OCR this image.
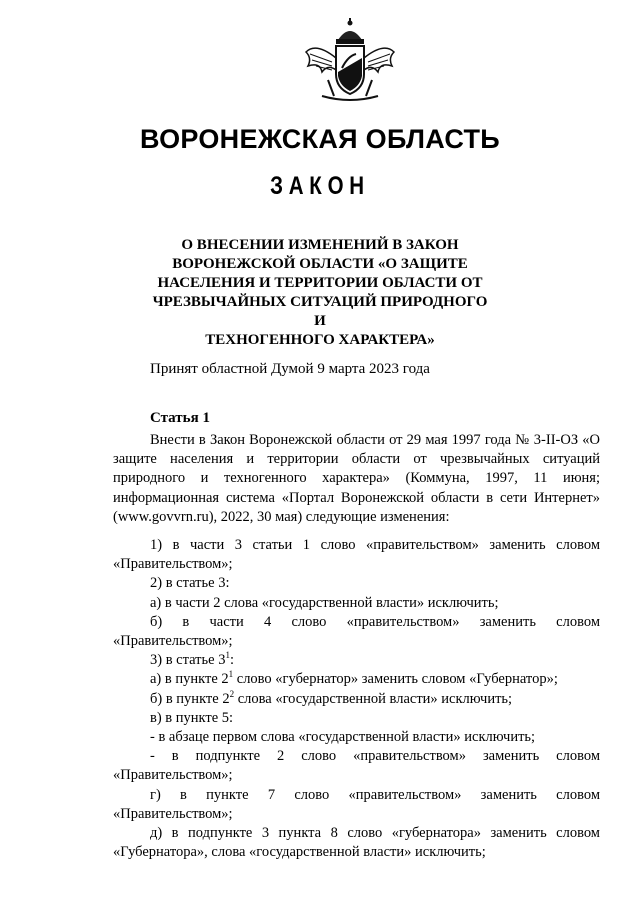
ВОРОНЕЖСКАЯ ОБЛАСТЬ
ЗАКОН
О ВНЕСЕНИИ ИЗМЕНЕНИЙ В ЗАКОН
ВОРОНЕЖСКОЙ ОБЛАСТИ «О ЗАЩИТЕ
НАСЕЛЕНИЯ И ТЕРРИТОРИИ ОБЛАСТИ ОТ
ЧРЕЗВЫЧАЙНЫХ СИТУАЦИЙ ПРИРОДНОГО И
ТЕХНОГЕННОГО ХАРАКТЕРА»
Принят областной Думой 9 марта 2023 года
Статья 1

Внести в Закон Воронежской области от 29 мая 1997 года № 3-II-ОЗ «О защите населения и территории области от чрезвычайных ситуаций природного и техногенного характера» (Коммуна, 1997, 11 июня; информационная система «Портал Воронежской области в сети Интернет» (www.govvrn.ru), 2022, 30 мая) следующие изменения:

1) в части 3 статьи 1 слово «правительством» заменить словом «Правительством»;

2) в статье 3:

а) в части 2 слова «государственной власти» исключить;

б) в части 4 слово «правительством» заменить словом «Правительством»;

3) в статье $3^1$:

а) в пункте $2^1$ слово «губернатор» заменить словом «Губернатор»;

б) в пункте $2^2$ слова «государственной власти» исключить;

в) в пункте 5:

- в абзаце первом слова «государственной власти» исключить;

- в подпункте 2 слово «правительством» заменить словом «Правительством»;

г) в пункте 7 слово «правительством» заменить словом «Правительством»;

д) в подпункте 3 пункта 8 слово «губернатора» заменить словом «Губернатора», слова «государственной власти» исключить;
